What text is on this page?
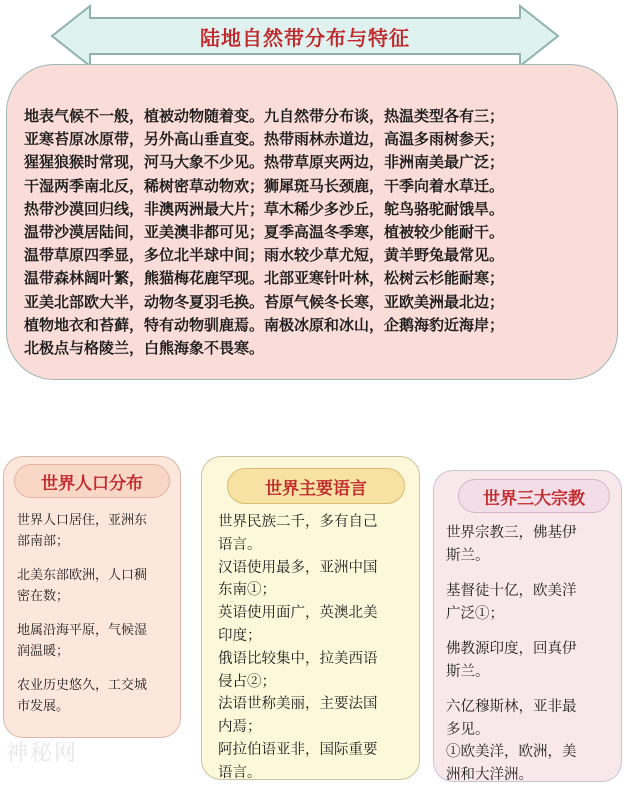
陆地自然带分布与特征
地表气候不一般，植被动物随着变。九自然带分布谈，热温类型各有三；
亚寒苔原冰原带，另外高山垂直变。热带雨林赤道边，高温多雨树参天；
猩猩狼猴时常现，河马大象不少见。热带草原夹两边，非洲南美最广泛；
干湿两季南北反，稀树密草动物欢；狮犀斑马长颈鹿，干季向着水草迁。
热带沙漠回归线，非澳两洲最大片；草木稀少多沙丘，鸵鸟骆驼耐饿旱。
温带沙漠居陆间，亚美澳非都可见；夏季高温冬季寒，植被较少能耐干。
温带草原四季显，多位北半球中间；雨水较少草尤短，黄羊野兔最常见。
温带森林阔叶繁，熊猫梅花鹿罕现。北部亚寒针叶林，松树云杉能耐寒；
亚美北部欧大半，动物冬夏羽毛换。苔原气候冬长寒，亚欧美洲最北边；
植物地衣和苔藓，特有动物驯鹿焉。南极冰原和冰山，企鹅海豹近海岸；
北极点与格陵兰，白熊海象不畏寒。
世界人口分布

世界人口居住，亚洲东
部南部；

北美东部欧洲，人口稠
密在数；

地属沿海平原，气候湿
润温暖；

农业历史悠久，工交城
市发展。

世界主要语言
世界民族二千，多有自己
语言。
汉语使用最多，亚洲中国
东南①；
英语使用面广，英澳北美
印度；
俄语比较集中，拉美西语
侵占②；
法语世称美丽，主要法国
内焉；
阿拉伯语亚非，国际重要
语言。
世界三大宗教

世界宗教三，佛基伊
斯兰。

基督徒十亿，欧美洋
广泛①；

佛教源印度，回真伊
斯兰。

六亿穆斯林，亚非最
多见。
①欧美洋，欧洲，美
洲和大洋洲。

神秘网
